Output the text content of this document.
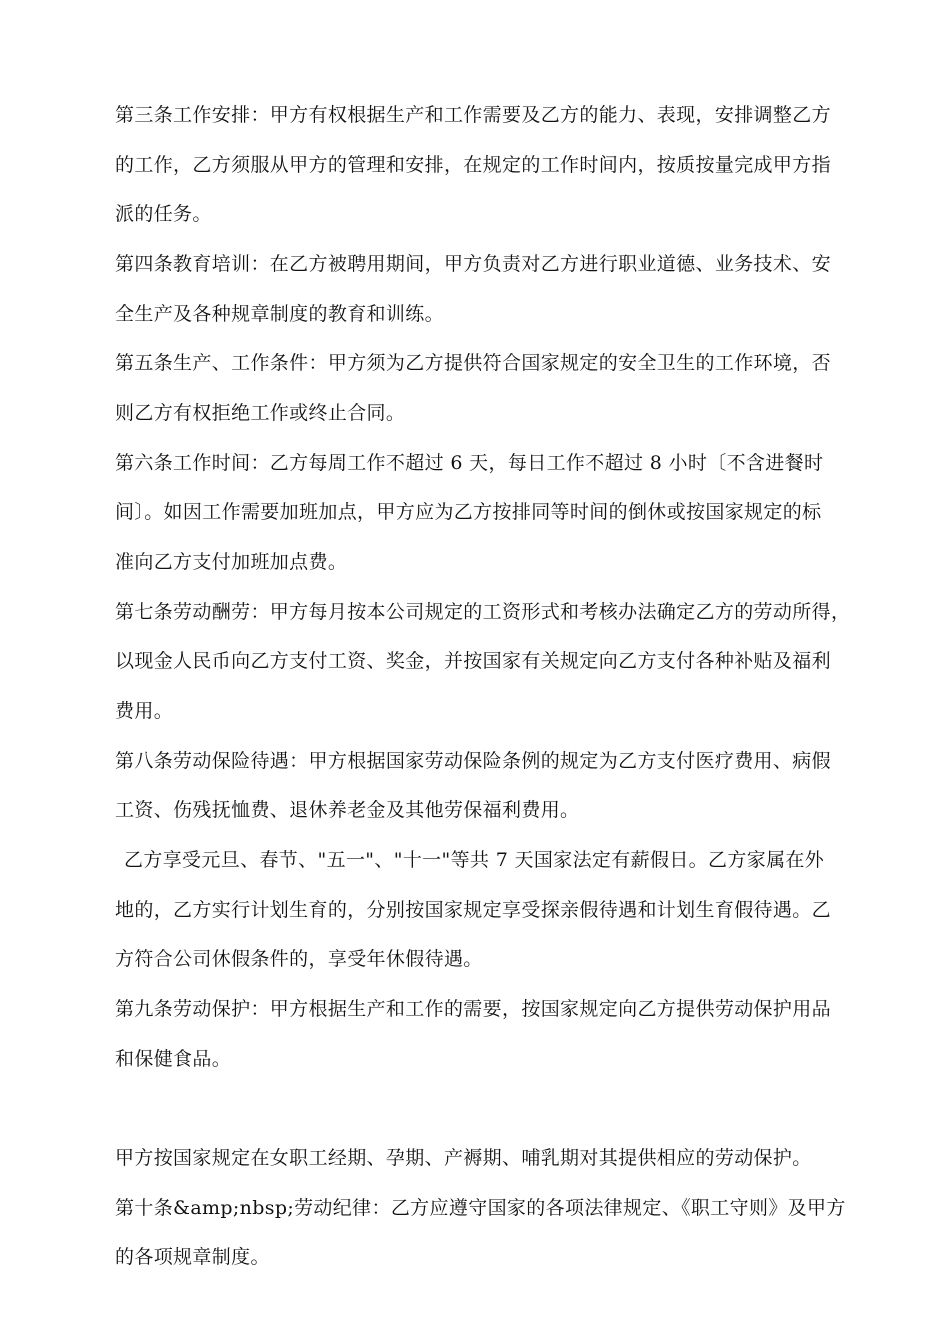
第三条工作安排：甲方有权根据生产和工作需要及乙方的能力、表现，安排调整乙方
的工作，乙方须服从甲方的管理和安排，在规定的工作时间内，按质按量完成甲方指
派的任务。
第四条教育培训：在乙方被聘用期间，甲方负责对乙方进行职业道德、业务技术、安
全生产及各种规章制度的教育和训练。
第五条生产、工作条件：甲方须为乙方提供符合国家规定的安全卫生的工作环境，否
则乙方有权拒绝工作或终止合同。
第六条工作时间：乙方每周工作不超过 6 天，每日工作不超过 8 小时〔不含进餐时
间〕。如因工作需要加班加点，甲方应为乙方按排同等时间的倒休或按国家规定的标
准向乙方支付加班加点费。
第七条劳动酬劳：甲方每月按本公司规定的工资形式和考核办法确定乙方的劳动所得，
以现金人民币向乙方支付工资、奖金，并按国家有关规定向乙方支付各种补贴及福利
费用。
第八条劳动保险待遇：甲方根据国家劳动保险条例的规定为乙方支付医疗费用、病假
工资、伤残抚恤费、退休养老金及其他劳保福利费用。
乙方享受元旦、春节、"五一"、"十一"等共 7 天国家法定有薪假日。乙方家属在外
地的，乙方实行计划生育的，分别按国家规定享受探亲假待遇和计划生育假待遇。乙
方符合公司休假条件的，享受年休假待遇。
第九条劳动保护：甲方根据生产和工作的需要，按国家规定向乙方提供劳动保护用品
和保健食品。
甲方按国家规定在女职工经期、孕期、产褥期、哺乳期对其提供相应的劳动保护。
第十条&amp;nbsp;劳动纪律：乙方应遵守国家的各项法律规定、《职工守则》及甲方
的各项规章制度。
